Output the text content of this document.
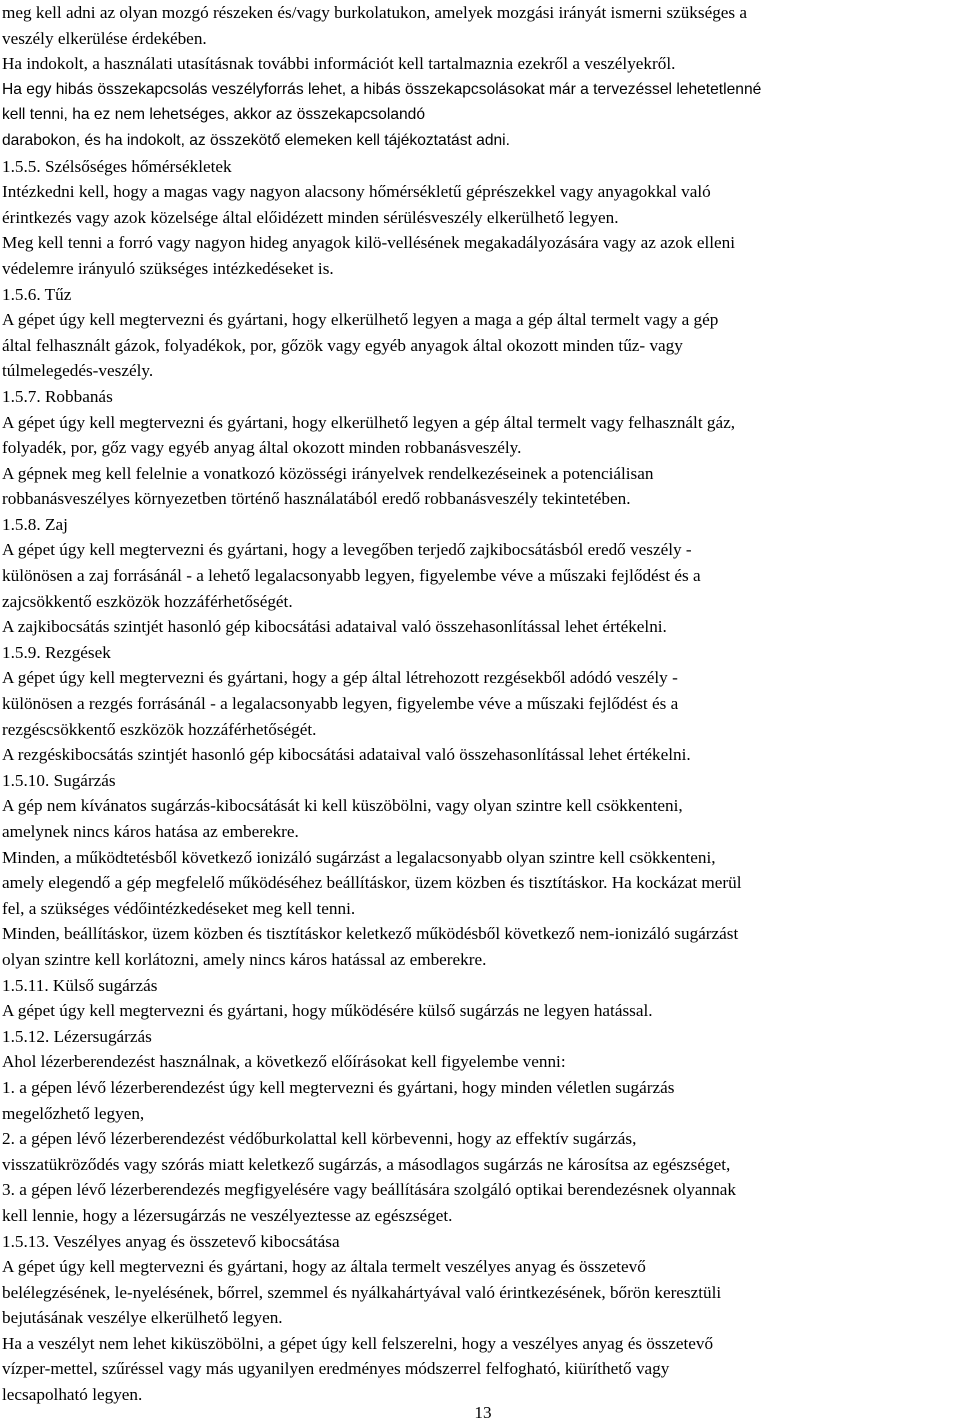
meg kell adni az olyan mozgó részeken és/vagy burkolatukon, amelyek mozgási irányát ismerni szükséges a
veszély elkerülése érdekében.
Ha indokolt, a használati utasításnak további információt kell tartalmaznia ezekről a veszélyekről.
Ha egy hibás összekapcsolás veszélyforrás lehet, a hibás összekapcsolásokat már a tervezéssel lehetetlenné
kell tenni, ha ez nem lehetséges, akkor az összekapcsolandó
darabokon, és ha indokolt, az összekötő elemeken kell tájékoztatást adni.
1.5.5. Szélsőséges hőmérsékletek
Intézkedni kell, hogy a magas vagy nagyon alacsony hőmérsékletű géprészekkel vagy anyagokkal való
érintkezés vagy azok közelsége által előidézett minden sérülésveszély elkerülhető legyen.
Meg kell tenni a forró vagy nagyon hideg anyagok kilö-vellésének megakadályozására vagy az azok elleni
védelemre irányuló szükséges intézkedéseket is.
1.5.6. Tűz
A gépet úgy kell megtervezni és gyártani, hogy elkerülhető legyen a maga a gép által termelt vagy a gép
által felhasznált gázok, folyadékok, por, gőzök vagy egyéb anyagok által okozott minden tűz- vagy
túlmelegedés-veszély.
1.5.7. Robbanás
A gépet úgy kell megtervezni és gyártani, hogy elkerülhető legyen a gép által termelt vagy felhasznált gáz,
folyadék, por, gőz vagy egyéb anyag által okozott minden robbanásveszély.
A gépnek meg kell felelnie a vonatkozó közösségi irányelvek rendelkezéseinek a potenciálisan
robbanásveszélyes környezetben történő használatából eredő robbanásveszély tekintetében.
1.5.8. Zaj
A gépet úgy kell megtervezni és gyártani, hogy a levegőben terjedő zajkibocsátásból eredő veszély -
különösen a zaj forrásánál - a lehető legalacsonyabb legyen, figyelembe véve a műszaki fejlődést és a
zajcsökkentő eszközök hozzáférhetőségét.
A zajkibocsátás szintjét hasonló gép kibocsátási adataival való összehasonlítással lehet értékelni.
1.5.9. Rezgések
A gépet úgy kell megtervezni és gyártani, hogy a gép által létrehozott rezgésekből adódó veszély -
különösen a rezgés forrásánál - a legalacsonyabb legyen, figyelembe véve a műszaki fejlődést és a
rezgéscsökkentő eszközök hozzáférhetőségét.
A rezgéskibocsátás szintjét hasonló gép kibocsátási adataival való összehasonlítással lehet értékelni.
1.5.10. Sugárzás
A gép nem kívánatos sugárzás-kibocsátását ki kell küszöbölni, vagy olyan szintre kell csökkenteni,
amelynek nincs káros hatása az emberekre.
Minden, a működtetésből következő ionizáló sugárzást a legalacsonyabb olyan szintre kell csökkenteni,
amely elegendő a gép megfelelő működéséhez beállításkor, üzem közben és tisztításkor. Ha kockázat merül
fel, a szükséges védőintézkedéseket meg kell tenni.
Minden, beállításkor, üzem közben és tisztításkor keletkező működésből következő nem-ionizáló sugárzást
olyan szintre kell korlátozni, amely nincs káros hatással az emberekre.
1.5.11. Külső sugárzás
A gépet úgy kell megtervezni és gyártani, hogy működésére külső sugárzás ne legyen hatással.
1.5.12. Lézersugárzás
Ahol lézerberendezést használnak, a következő előírásokat kell figyelembe venni:
1. a gépen lévő lézerberendezést úgy kell megtervezni és gyártani, hogy minden véletlen sugárzás
megelőzhető legyen,
2. a gépen lévő lézerberendezést védőburkolattal kell körbevenni, hogy az effektív sugárzás,
visszatükröződés vagy szórás miatt keletkező sugárzás, a másodlagos sugárzás ne károsítsa az egészséget,
3. a gépen lévő lézerberendezés megfigyelésére vagy beállítására szolgáló optikai berendezésnek olyannak
kell lennie, hogy a lézersugárzás ne veszélyeztesse az egészséget.
1.5.13. Veszélyes anyag és összetevő kibocsátása
A gépet úgy kell megtervezni és gyártani, hogy az általa termelt veszélyes anyag és összetevő
belélegzésének, le-nyelésének, bőrrel, szemmel és nyálkahártyával való érintkezésének, bőrön keresztüli
bejutásának veszélye elkerülhető legyen.
Ha a veszélyt nem lehet kiküszöbölni, a gépet úgy kell felszerelni, hogy a veszélyes anyag és összetevő
vízper-mettel, szűréssel vagy más ugyanilyen eredményes módszerrel felfogható, kiüríthető vagy
lecsapolható legyen.
13
